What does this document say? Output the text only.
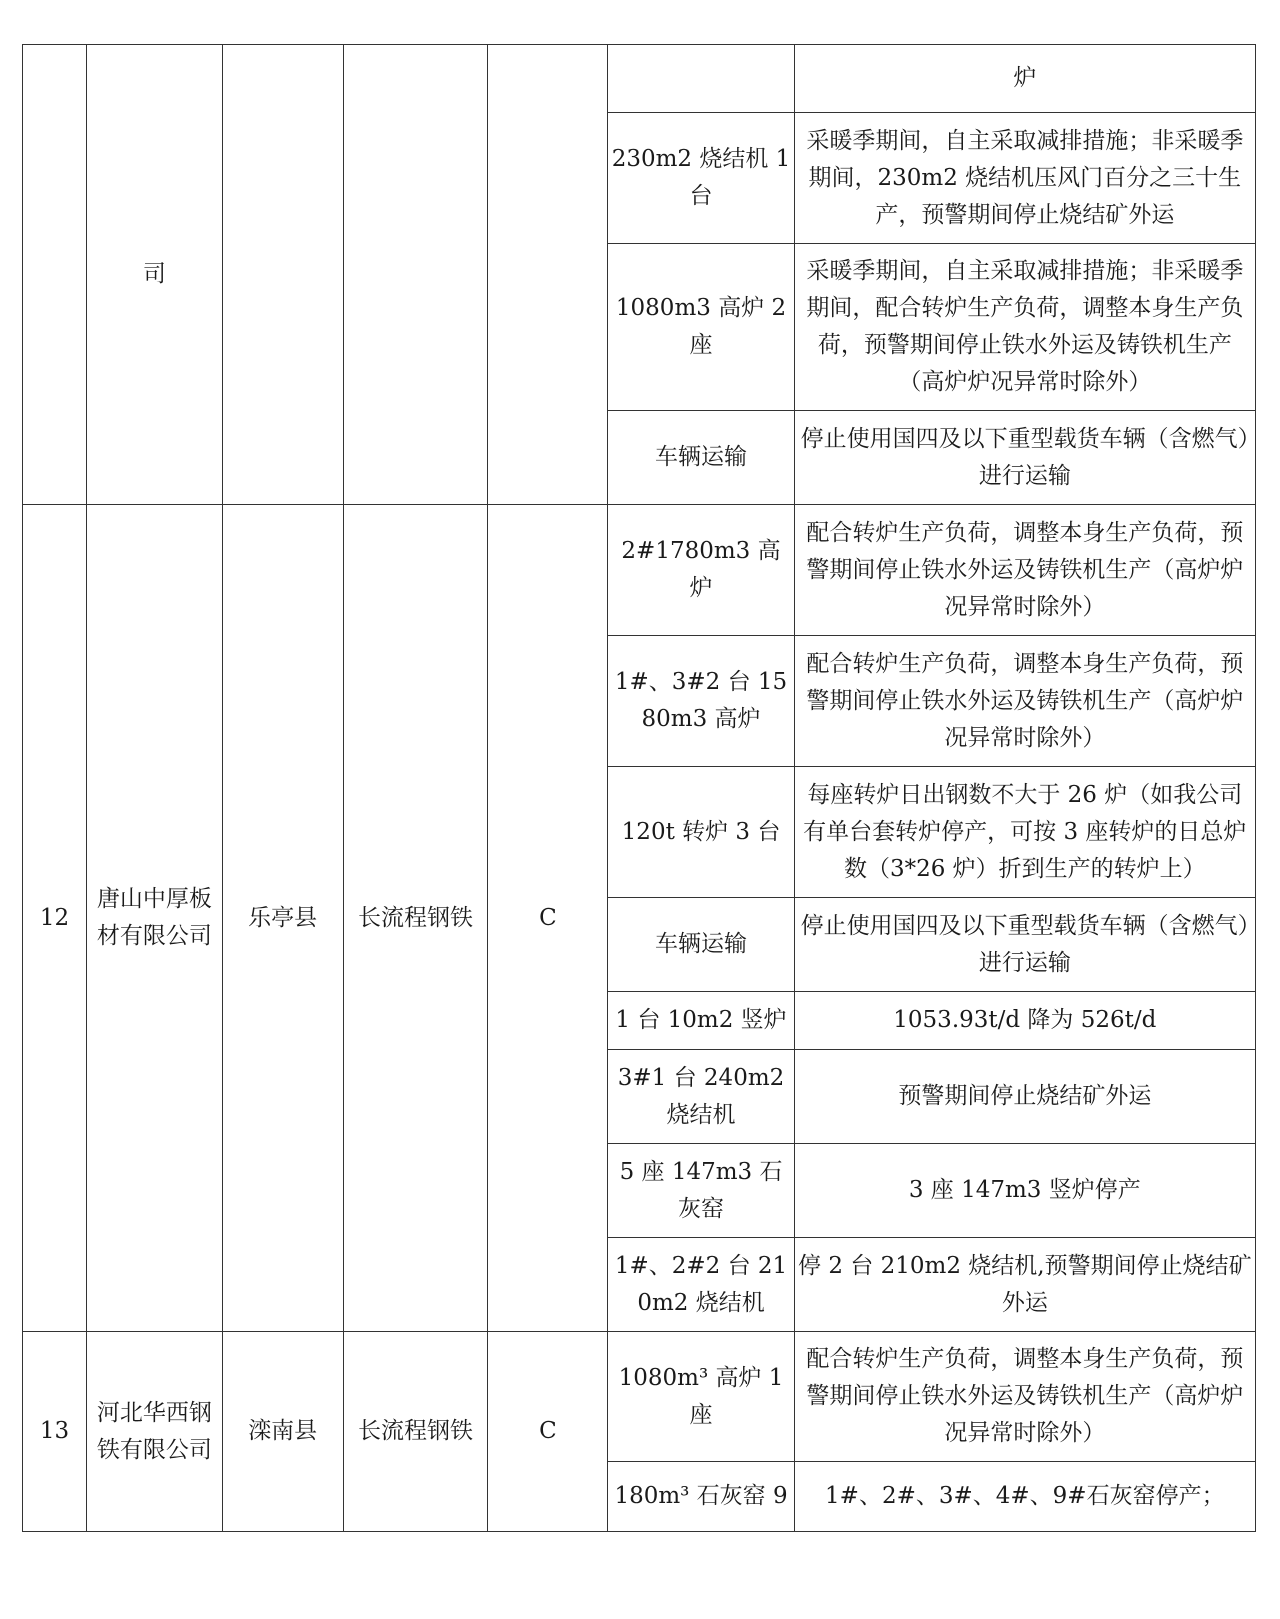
	司					炉
					230m2 烧结机 1 台	采暖季期间，自主采取减排措施；非采暖季期间，230m2 烧结机压风门百分之三十生产，预警期间停止烧结矿外运
					1080m3 高炉 2 座	采暖季期间，自主采取减排措施；非采暖季期间，配合转炉生产负荷，调整本身生产负荷，预警期间停止铁水外运及铸铁机生产（高炉炉况异常时除外）
					车辆运输	停止使用国四及以下重型载货车辆（含燃气）进行运输
12	唐山中厚板材有限公司	乐亭县	长流程钢铁	C	2#1780m3 高炉	配合转炉生产负荷，调整本身生产负荷，预警期间停止铁水外运及铸铁机生产（高炉炉况异常时除外）
					1#、3#2 台 1580m3 高炉	配合转炉生产负荷，调整本身生产负荷，预警期间停止铁水外运及铸铁机生产（高炉炉况异常时除外）
					120t 转炉 3 台	每座转炉日出钢数不大于 26 炉（如我公司有单台套转炉停产，可按 3 座转炉的日总炉数（3*26 炉）折到生产的转炉上）
					车辆运输	停止使用国四及以下重型载货车辆（含燃气）进行运输
					1 台 10m2 竖炉	1053.93t/d 降为 526t/d
					3#1 台 240m2 烧结机	预警期间停止烧结矿外运
					5 座 147m3 石灰窑	3 座 147m3 竖炉停产
					1#、2#2 台 210m2 烧结机	停 2 台 210m2 烧结机,预警期间停止烧结矿外运
13	河北华西钢铁有限公司	滦南县	长流程钢铁	C	1080m³ 高炉 1 座	配合转炉生产负荷，调整本身生产负荷，预警期间停止铁水外运及铸铁机生产（高炉炉况异常时除外）
					180m³ 石灰窑 9	1#、2#、3#、4#、9#石灰窑停产；
